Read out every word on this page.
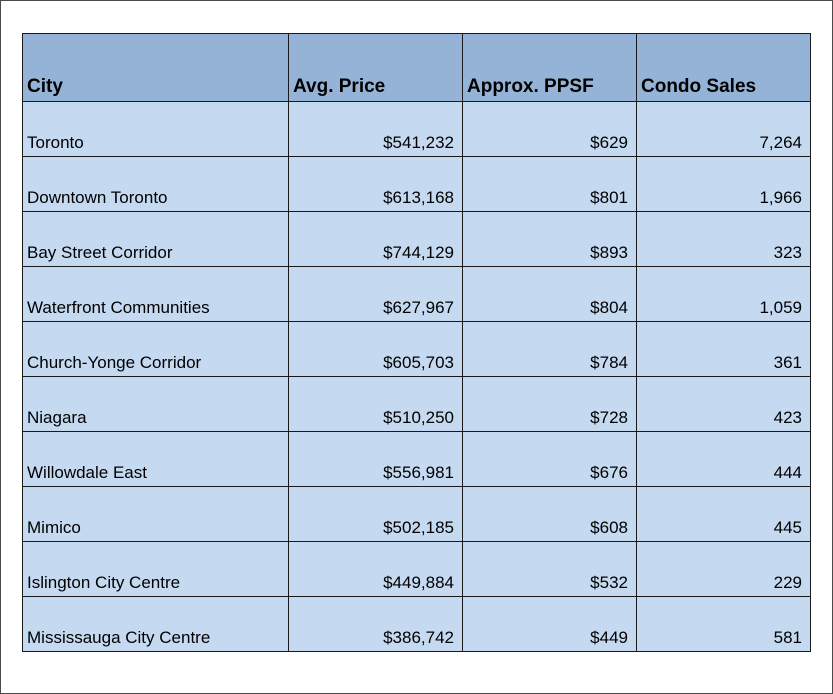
City	Avg. Price	Approx. PPSF	Condo Sales
Toronto	$541,232	$629	7,264
Downtown Toronto	$613,168	$801	1,966
Bay Street Corridor	$744,129	$893	323
Waterfront Communities	$627,967	$804	1,059
Church-Yonge Corridor	$605,703	$784	361
Niagara	$510,250	$728	423
Willowdale East	$556,981	$676	444
Mimico	$502,185	$608	445
Islington City Centre	$449,884	$532	229
Mississauga City Centre	$386,742	$449	581
